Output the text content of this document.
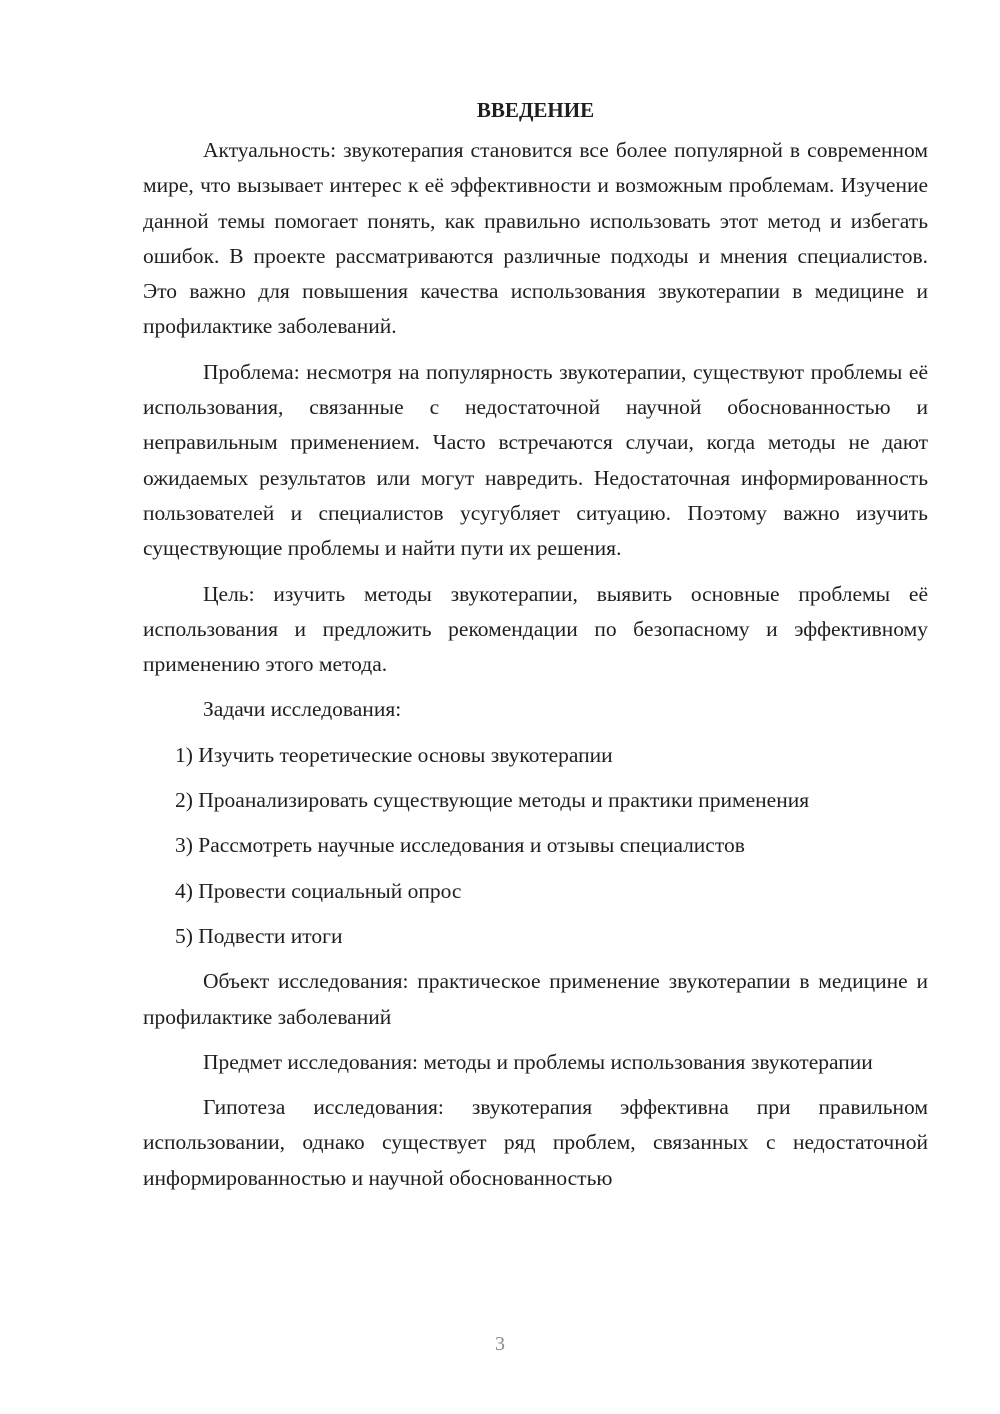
ВВЕДЕНИЕ

Актуальность: звукотерапия становится все более популярной в современном мире, что вызывает интерес к её эффективности и возможным проблемам. Изучение данной темы помогает понять, как правильно использовать этот метод и избегать ошибок. В проекте рассматриваются различные подходы и мнения специалистов. Это важно для повышения качества использования звукотерапии в медицине и профилактике заболеваний.

Проблема: несмотря на популярность звукотерапии, существуют проблемы её использования, связанные с недостаточной научной обоснованностью и неправильным применением. Часто встречаются случаи, когда методы не дают ожидаемых результатов или могут навредить. Недостаточная информированность пользователей и специалистов усугубляет ситуацию. Поэтому важно изучить существующие проблемы и найти пути их решения.

Цель: изучить методы звукотерапии, выявить основные проблемы её использования и предложить рекомендации по безопасному и эффективному применению этого метода.

Задачи исследования:

1) Изучить теоретические основы звукотерапии
2) Проанализировать существующие методы и практики применения
3) Рассмотреть научные исследования и отзывы специалистов
4) Провести социальный опрос
5) Подвести итоги

Объект исследования: практическое применение звукотерапии в медицине и профилактике заболеваний

Предмет исследования: методы и проблемы использования звукотерапии

Гипотеза исследования: звукотерапия эффективна при правильном использовании, однако существует ряд проблем, связанных с недостаточной информированностью и научной обоснованностью

3
